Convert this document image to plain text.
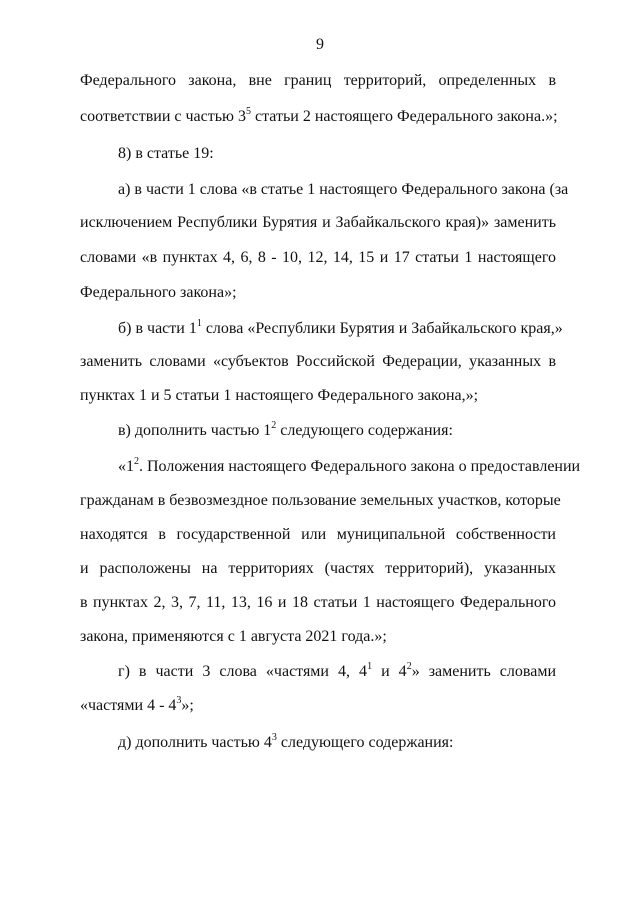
9
Федерального закона, вне границ территорий, определенных в
соответствии с частью $3^5$ статьи 2 настоящего Федерального закона.»;
8) в статье 19:
а) в части 1 слова «в статье 1 настоящего Федерального закона (за
исключением Республики Бурятия и Забайкальского края)» заменить
словами «в пунктах 4, 6, 8 - 10, 12, 14, 15 и 17 статьи 1 настоящего
Федерального закона»;
б) в части $1^1$ слова «Республики Бурятия и Забайкальского края,»
заменить словами «субъектов Российской Федерации, указанных в
пунктах 1 и 5 статьи 1 настоящего Федерального закона,»;
в) дополнить частью $1^2$ следующего содержания:
«$1^2$. Положения настоящего Федерального закона о предоставлении
гражданам в безвозмездное пользование земельных участков, которые
находятся в государственной или муниципальной собственности
и расположены на территориях (частях территорий), указанных
в пунктах 2, 3, 7, 11, 13, 16 и 18 статьи 1 настоящего Федерального
закона, применяются с 1 августа 2021 года.»;
г) в части 3 слова «частями 4, $4^1$ и $4^2$» заменить словами
«частями $4 - 4^3$»;
д) дополнить частью $4^3$ следующего содержания:
